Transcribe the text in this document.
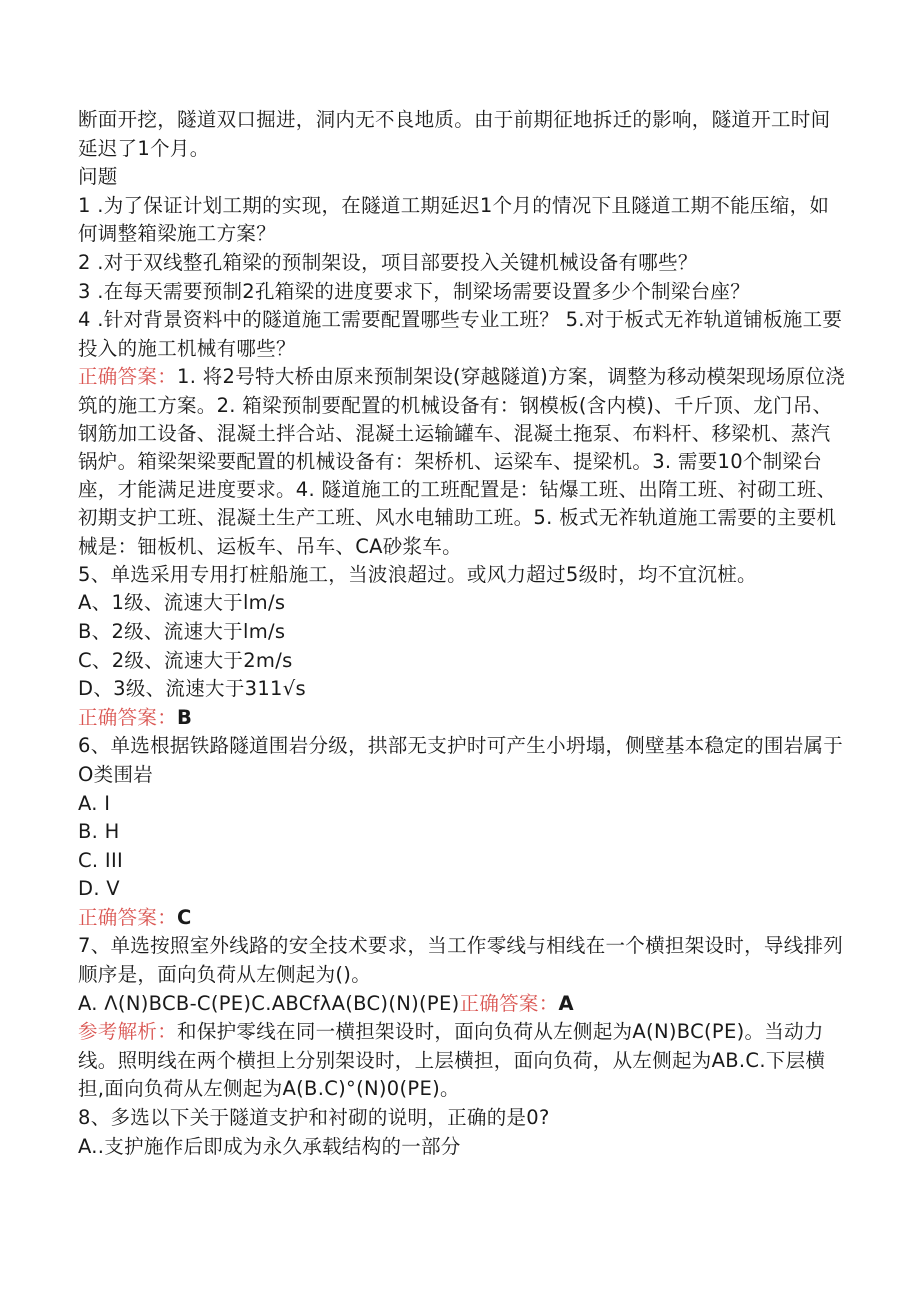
断面开挖，隧道双口掘进，洞内无不良地质。由于前期征地拆迁的影响，隧道开工时间延迟了1个月。

问题

1 .为了保证计划工期的实现，在隧道工期延迟1个月的情况下且隧道工期不能压缩，如何调整箱梁施工方案？

2 .对于双线整孔箱梁的预制架设，项目部要投入关键机械设备有哪些？

3 .在每天需要预制2孔箱梁的进度要求下，制梁场需要设置多少个制梁台座？

4 .针对背景资料中的隧道施工需要配置哪些专业工班？ 5.对于板式无祚轨道铺板施工要投入的施工机械有哪些？

正确答案：1. 将2号特大桥由原来预制架设(穿越隧道)方案，调整为移动模架现场原位浇筑的施工方案。2. 箱梁预制要配置的机械设备有：钢模板(含内模)、千斤顶、龙门吊、钢筋加工设备、混凝土拌合站、混凝土运输罐车、混凝土拖泵、布料杆、移梁机、蒸汽锅炉。箱梁架梁要配置的机械设备有：架桥机、运梁车、提梁机。3. 需要10个制梁台座，才能满足进度要求。4. 隧道施工的工班配置是：钻爆工班、出隋工班、衬砌工班、初期支护工班、混凝土生产工班、风水电辅助工班。5. 板式无祚轨道施工需要的主要机械是：钿板机、运板车、吊车、CA砂浆车。

5、单选采用专用打桩船施工，当波浪超过。或风力超过5级时，均不宜沉桩。

A、1级、流速大于lm/s

B、2级、流速大于lm/s

C、2级、流速大于2m/s

D、3级、流速大于311√s

正确答案：B

6、单选根据铁路隧道围岩分级，拱部无支护时可产生小坍塌，侧壁基本稳定的围岩属于O类围岩

A. I

B. H

C. III

D. V

正确答案：C

7、单选按照室外线路的安全技术要求，当工作零线与相线在一个横担架设时，导线排列顺序是，面向负荷从左侧起为()。

A. Λ(N)BCB-C(PE)C.ABCfλA(BC)(N)(PE)正确答案：A

参考解析：和保护零线在同一横担架设时，面向负荷从左侧起为A(N)BC(PE)。当动力线。照明线在两个横担上分别架设时，上层横担，面向负荷，从左侧起为AB.C.下层横担,面向负荷从左侧起为A(B.C)°(N)0(PE)。

8、多选以下关于隧道支护和衬砌的说明，正确的是0?

A..支护施作后即成为永久承载结构的一部分
